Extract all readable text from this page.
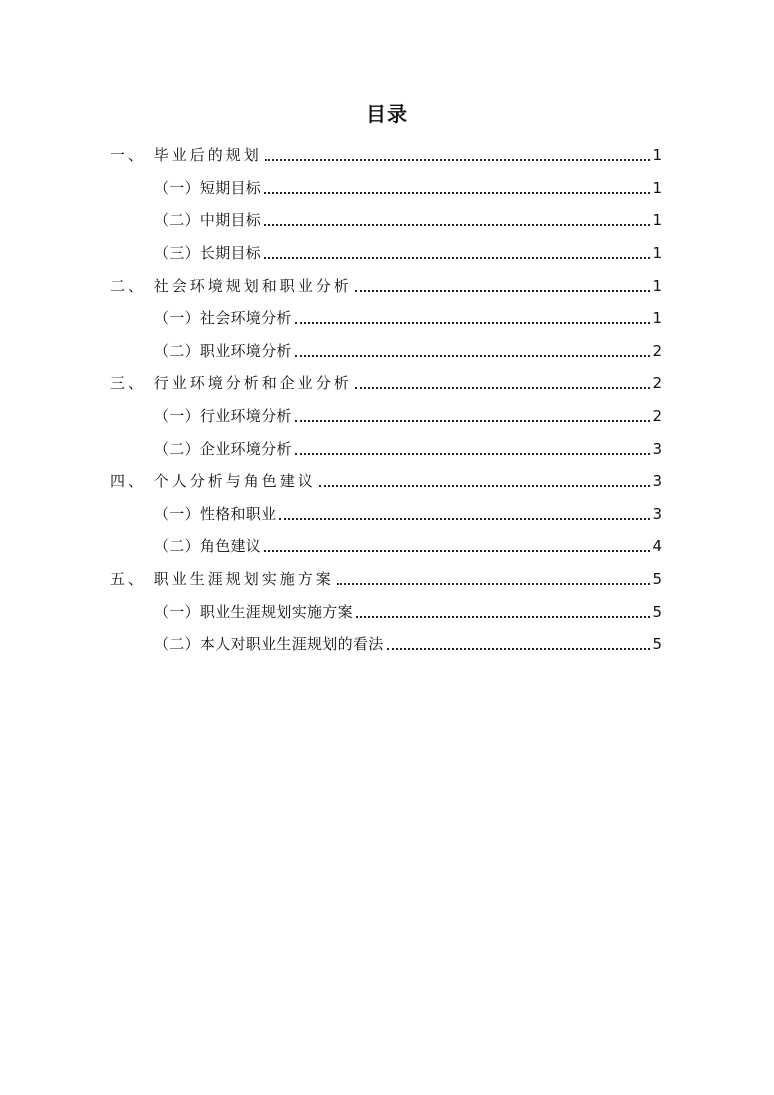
目录
一、 毕业后的规划	1
（一）短期目标	1
（二）中期目标	1
（三）长期目标	1
二、 社会环境规划和职业分析	1
（一）社会环境分析	1
（二）职业环境分析	2
三、 行业环境分析和企业分析	2
（一）行业环境分析	2
（二）企业环境分析	3
四、 个人分析与角色建议	3
（一）性格和职业	3
（二）角色建议	4
五、 职业生涯规划实施方案	5
（一）职业生涯规划实施方案	5
（二）本人对职业生涯规划的看法	5
